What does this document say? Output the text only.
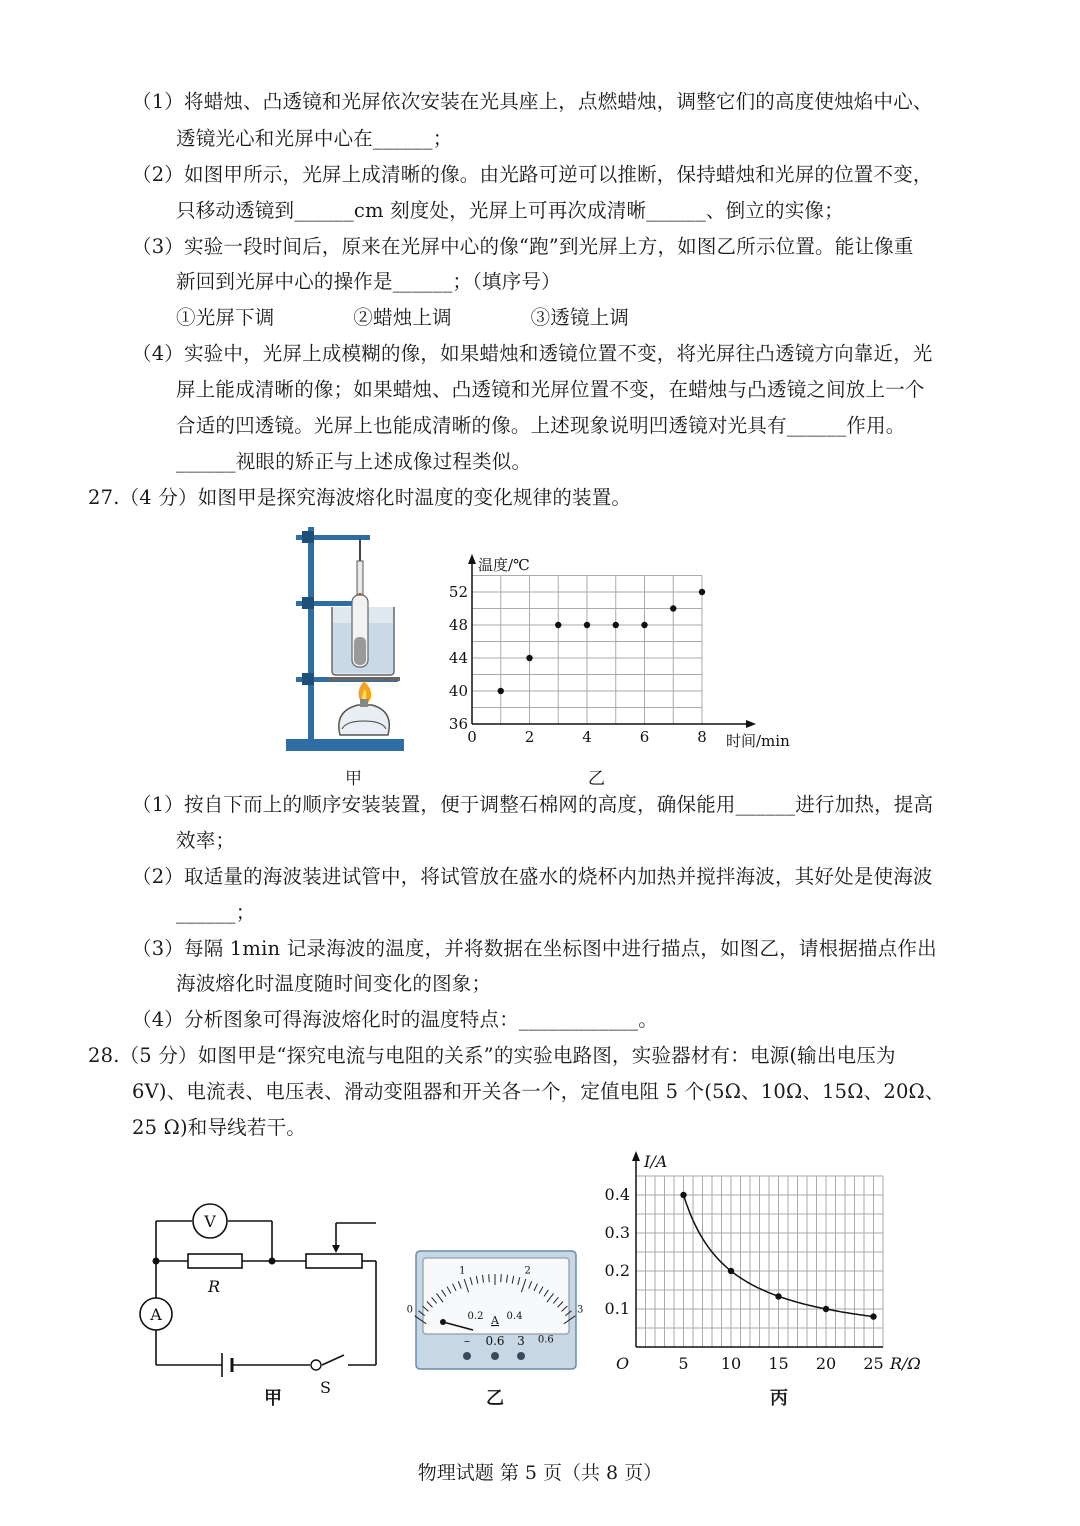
（1）将蜡烛、凸透镜和光屏依次安装在光具座上，点燃蜡烛，调整它们的高度使烛焰中心、
透镜光心和光屏中心在______；
（2）如图甲所示，光屏上成清晰的像。由光路可逆可以推断，保持蜡烛和光屏的位置不变，
只移动透镜到______cm 刻度处，光屏上可再次成清晰______、倒立的实像；
（3）实验一段时间后，原来在光屏中心的像“跑”到光屏上方，如图乙所示位置。能让像重
新回到光屏中心的操作是______；（填序号）
①光屏下调　　　　②蜡烛上调　　　　③透镜上调
（4）实验中，光屏上成模糊的像，如果蜡烛和透镜位置不变，将光屏往凸透镜方向靠近，光
屏上能成清晰的像；如果蜡烛、凸透镜和光屏位置不变，在蜡烛与凸透镜之间放上一个
合适的凹透镜。光屏上也能成清晰的像。上述现象说明凹透镜对光具有______作用。
______视眼的矫正与上述成像过程类似。
27.（4 分）如图甲是探究海波熔化时温度的变化规律的装置。
甲
0	2	4	6	8
36
40
44
48
52
温度/℃
时间/min
乙
（1）按自下而上的顺序安装装置，便于调整石棉网的高度，确保能用______进行加热，提高
效率；
（2）取适量的海波装进试管中，将试管放在盛水的烧杯内加热并搅拌海波，其好处是使海波
______；
（3）每隔 1min 记录海波的温度，并将数据在坐标图中进行描点，如图乙，请根据描点作出
海波熔化时温度随时间变化的图象；
（4）分析图象可得海波熔化时的温度特点：____________。
28.（5 分）如图甲是“探究电流与电阻的关系”的实验电路图，实验器材有：电源(输出电压为
6V)、电流表、电压表、滑动变阻器和开关各一个，定值电阻 5 个(5Ω、10Ω、15Ω、20Ω、
25 Ω)和导线若干。
V
R
A
S
甲
0
1	2
3
0.2 0.4
0.6
A
– 0.6 3
乙
5 10 15 20 25
0.1
0.2
0.3
0.4
I/A
R/Ω
O
丙
物理试题 第 5 页（共 8 页）
